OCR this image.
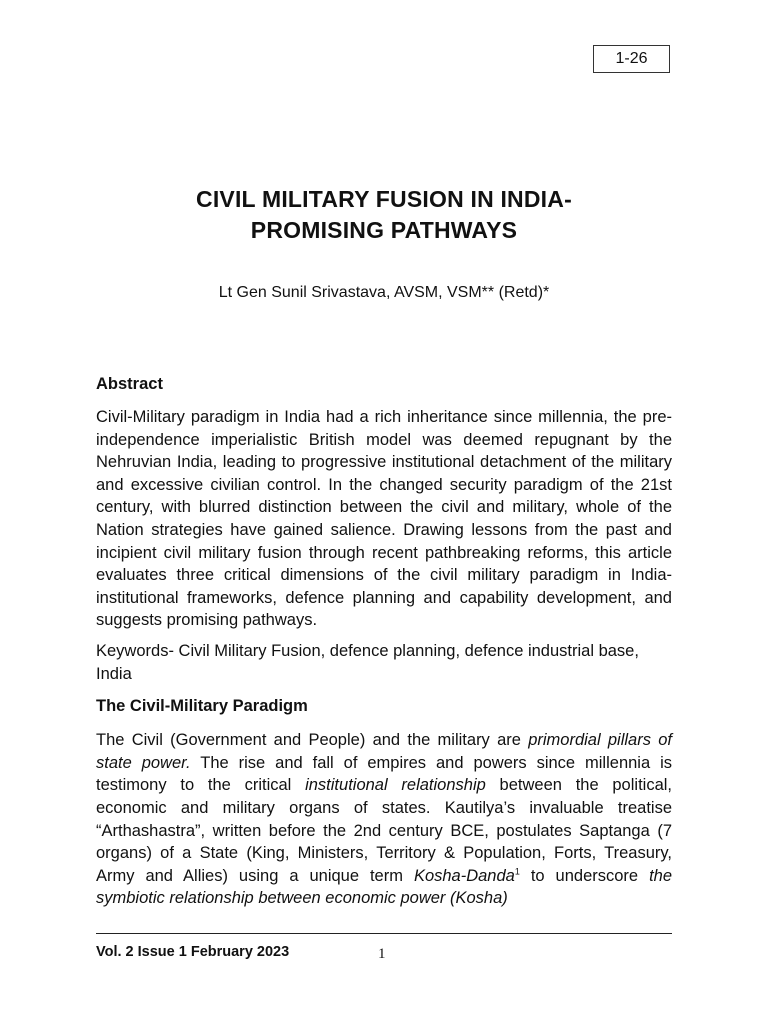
1-26
CIVIL MILITARY FUSION IN INDIA-
PROMISING PATHWAYS

Lt Gen Sunil Srivastava, AVSM, VSM** (Retd)*

Abstract

Civil-Military paradigm in India had a rich inheritance since millennia, the pre-independence imperialistic British model was deemed repugnant by the Nehruvian India, leading to progressive institutional detachment of the military and excessive civilian control. In the changed security paradigm of the 21st century, with blurred distinction between the civil and military, whole of the Nation strategies have gained salience. Drawing lessons from the past and incipient civil military fusion through recent pathbreaking reforms, this article evaluates three critical dimensions of the civil military paradigm in India- institutional frameworks, defence planning and capability development, and suggests promising pathways.

Keywords- Civil Military Fusion, defence planning, defence industrial base, India

The Civil-Military Paradigm

The Civil (Government and People) and the military are primordial pillars of state power. The rise and fall of empires and powers since millennia is testimony to the critical institutional relationship between the political, economic and military organs of states. Kautilya’s invaluable treatise “Arthashastra”, written before the 2nd century BCE, postulates Saptanga (7 organs) of a State (King, Ministers, Territory & Population, Forts, Treasury, Army and Allies) using a unique term Kosha-Danda$^1$ to underscore the symbiotic relationship between economic power (Kosha)

Vol. 2 Issue 1 February 2023	1
